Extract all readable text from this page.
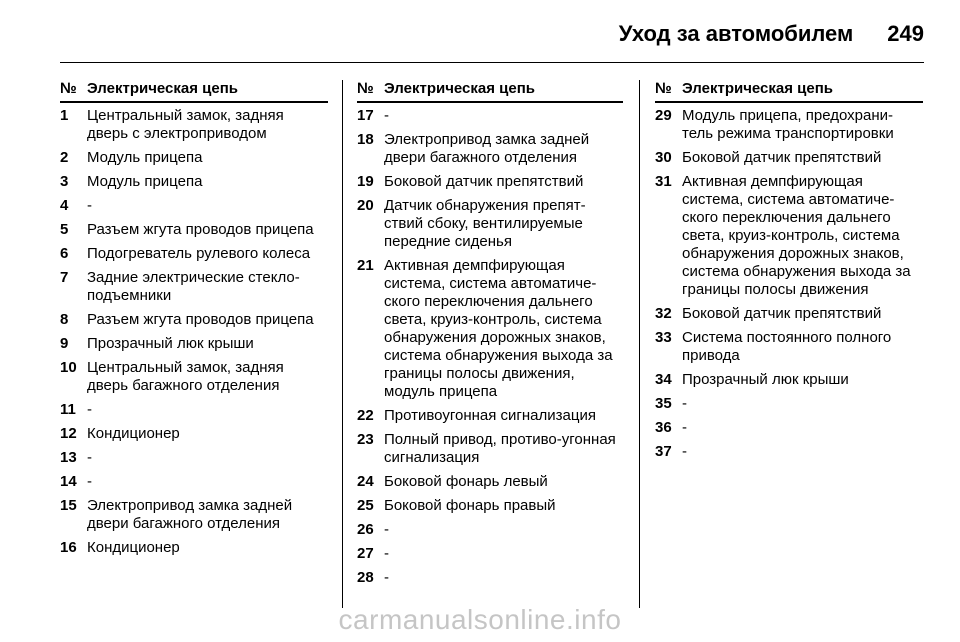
Уход за автомобилем 249
№ Электрическая цепь
1	Центральный замок, задняя дверь с электроприводом
2	Модуль прицепа
3	Модуль прицепа
4	-
5	Разъем жгута проводов прицепа
6	Подогреватель рулевого колеса
7	Задние электрические стекло-подъемники
8	Разъем жгута проводов прицепа
9	Прозрачный люк крыши
10 Центральный замок, задняя дверь багажного отделения
11 -
12 Кондиционер
13 -
14 -
15 Электропривод замка задней двери багажного отделения
16 Кондиционер
№ Электрическая цепь
17 -
18 Электропривод замка задней двери багажного отделения
19 Боковой датчик препятствий
20 Датчик обнаружения препят-ствий сбоку, вентилируемые передние сиденья
21 Активная демпфирующая система, система автоматиче-ского переключения дальнего света, круиз-контроль, система обнаружения дорожных знаков, система обнаружения выхода за границы полосы движения, модуль прицепа
22 Противоугонная сигнализация
23 Полный привод, противо-угонная сигнализация
24 Боковой фонарь левый
25 Боковой фонарь правый
26 -
27 -
28 -
№ Электрическая цепь
29 Модуль прицепа, предохрани-тель режима транспортировки
30 Боковой датчик препятствий
31 Активная демпфирующая система, система автоматиче-ского переключения дальнего света, круиз-контроль, система обнаружения дорожных знаков, система обнаружения выхода за границы полосы движения
32 Боковой датчик препятствий
33 Система постоянного полного привода
34 Прозрачный люк крыши
35 -
36 -
37 -
carmanualsonline.info
